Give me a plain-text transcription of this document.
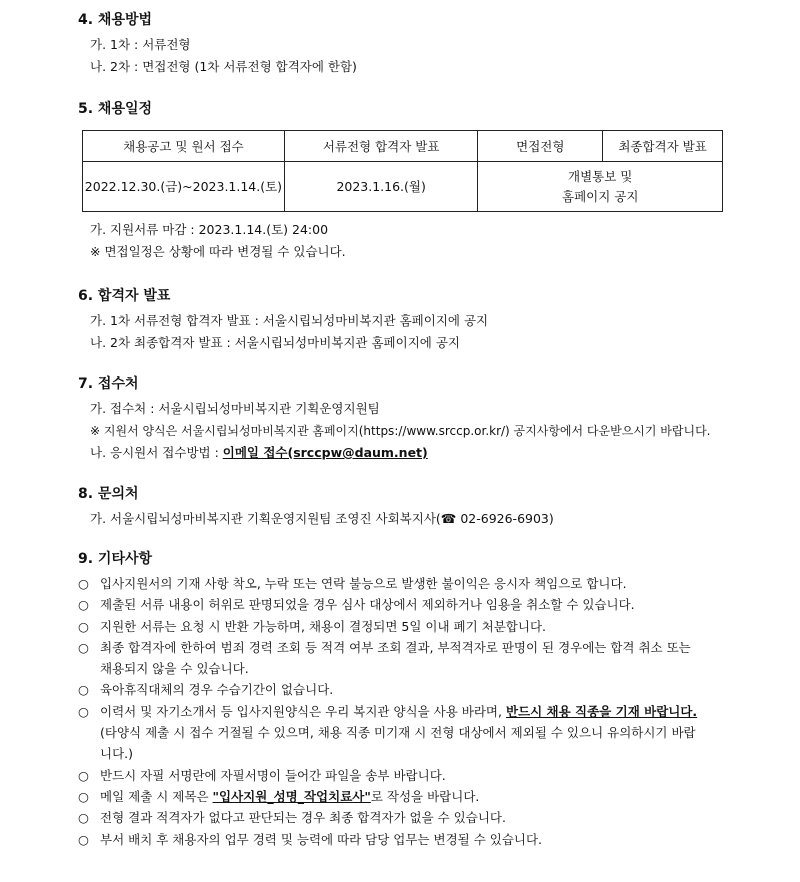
4. 채용방법
가. 1차 : 서류전형
나. 2차 : 면접전형 (1차 서류전형 합격자에 한함)
5. 채용일정
채용공고 및 원서 접수	서류전형 합격자 발표	면접전형	최종합격자 발표
2022.12.30.(금)~2023.1.14.(토)	2023.1.16.(월)	개별통보 및
홈페이지 공지	
가. 지원서류 마감 : 2023.1.14.(토) 24:00
※ 면접일정은 상황에 따라 변경될 수 있습니다.
6. 합격자 발표
가. 1차 서류전형 합격자 발표 : 서울시립뇌성마비복지관 홈페이지에 공지
나. 2차 최종합격자 발표 : 서울시립뇌성마비복지관 홈페이지에 공지
7. 접수처
가. 접수처 : 서울시립뇌성마비복지관 기획운영지원팀
※ 지원서 양식은 서울시립뇌성마비복지관 홈페이지(https://www.srccp.or.kr/) 공지사항에서 다운받으시기 바랍니다.
나. 응시원서 접수방법 : 이메일 접수(srccpw@daum.net)
8. 문의처
가. 서울시립뇌성마비복지관 기획운영지원팀 조영진 사회복지사(☎ 02-6926-6903)
9. 기타사항
○ 입사지원서의 기재 사항 착오, 누락 또는 연락 불능으로 발생한 불이익은 응시자 책임으로 합니다.
○ 제출된 서류 내용이 허위로 판명되었을 경우 심사 대상에서 제외하거나 임용을 취소할 수 있습니다.
○ 지원한 서류는 요청 시 반환 가능하며, 채용이 결정되면 5일 이내 폐기 처분합니다.
○ 최종 합격자에 한하여 범죄 경력 조회 등 적격 여부 조회 결과, 부적격자로 판명이 된 경우에는 합격 취소 또는
채용되지 않을 수 있습니다.
○ 육아휴직대체의 경우 수습기간이 없습니다.
○ 이력서 및 자기소개서 등 입사지원양식은 우리 복지관 양식을 사용 바라며, 반드시 채용 직종을 기재 바랍니다.
(타양식 제출 시 접수 거절될 수 있으며, 채용 직종 미기재 시 전형 대상에서 제외될 수 있으니 유의하시기 바랍
니다.)
○ 반드시 자필 서명란에 자필서명이 들어간 파일을 송부 바랍니다.
○ 메일 제출 시 제목은 "입사지원_성명_작업치료사"로 작성을 바랍니다.
○ 전형 결과 적격자가 없다고 판단되는 경우 최종 합격자가 없을 수 있습니다.
○ 부서 배치 후 채용자의 업무 경력 및 능력에 따라 담당 업무는 변경될 수 있습니다.
